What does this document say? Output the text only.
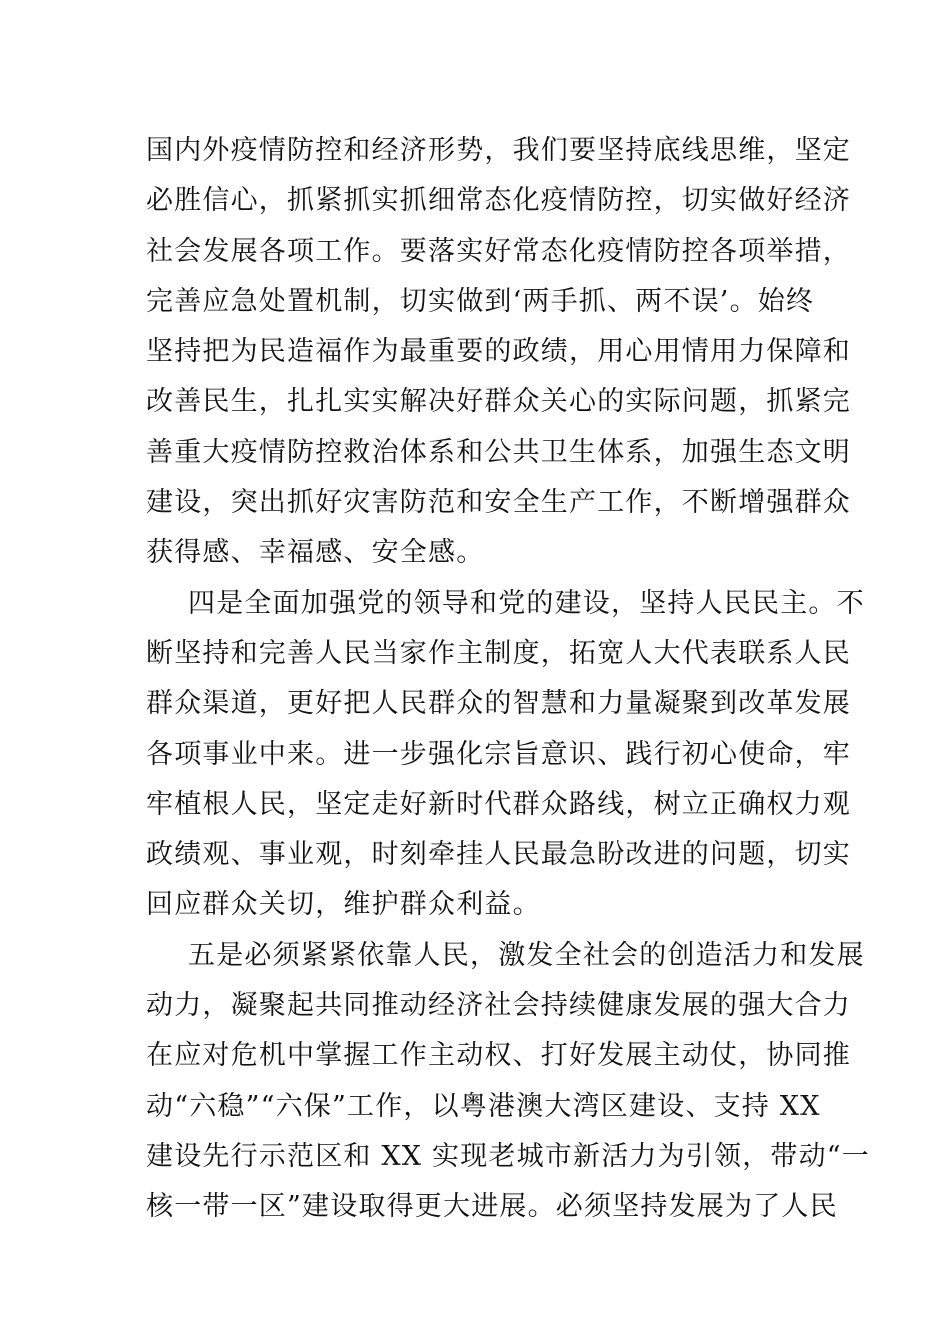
国内外疫情防控和经济形势，我们要坚持底线思维，坚定
必胜信心，抓紧抓实抓细常态化疫情防控，切实做好经济
社会发展各项工作。要落实好常态化疫情防控各项举措，
完善应急处置机制，切实做到‘两手抓、两不误’。始终
坚持把为民造福作为最重要的政绩，用心用情用力保障和
改善民生，扎扎实实解决好群众关心的实际问题，抓紧完
善重大疫情防控救治体系和公共卫生体系，加强生态文明
建设，突出抓好灾害防范和安全生产工作，不断增强群众
获得感、幸福感、安全感。
四是全面加强党的领导和党的建设，坚持人民民主。不
断坚持和完善人民当家作主制度，拓宽人大代表联系人民
群众渠道，更好把人民群众的智慧和力量凝聚到改革发展
各项事业中来。进一步强化宗旨意识、践行初心使命，牢
牢植根人民，坚定走好新时代群众路线，树立正确权力观
政绩观、事业观，时刻牵挂人民最急盼改进的问题，切实
回应群众关切，维护群众利益。
五是必须紧紧依靠人民，激发全社会的创造活力和发展
动力，凝聚起共同推动经济社会持续健康发展的强大合力
在应对危机中掌握工作主动权、打好发展主动仗，协同推
动“六稳”“六保”工作，以粤港澳大湾区建设、支持 XX
建设先行示范区和 XX 实现老城市新活力为引领，带动“一
核一带一区”建设取得更大进展。必须坚持发展为了人民
